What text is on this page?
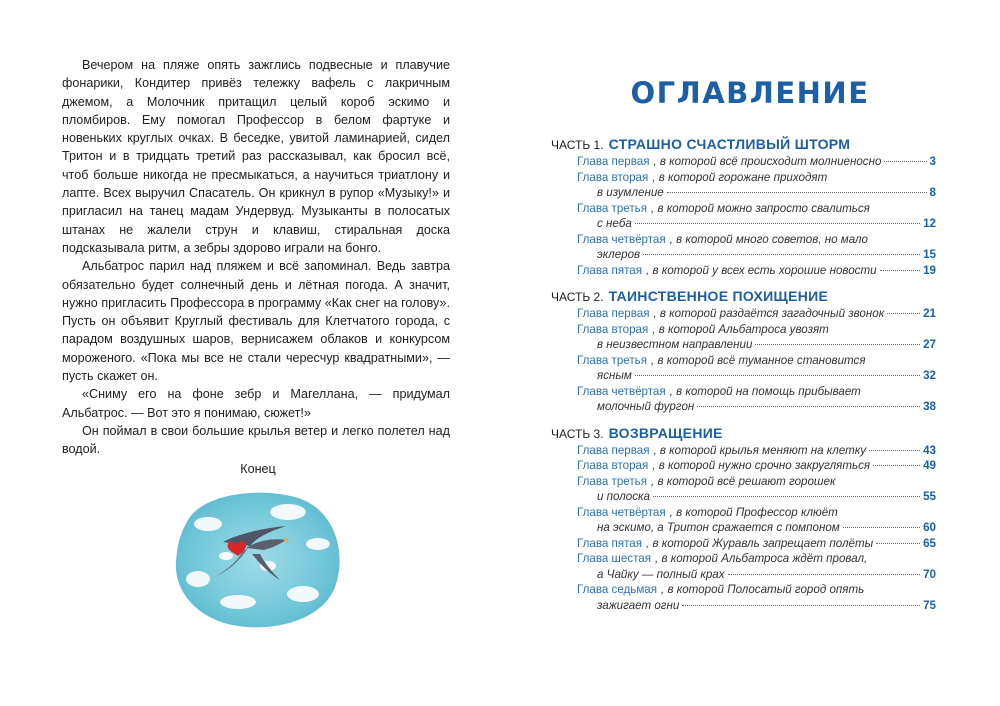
Вечером на пляже опять зажглись подвесные и плавучие фонарики, Кондитер привёз тележку вафель с лакричным джемом, а Молочник притащил целый короб эскимо и пломбиров. Ему помогал Профессор в белом фартуке и новеньких круглых очках. В беседке, увитой ламинарией, сидел Тритон и в тридцать третий раз рассказывал, как бросил всё, чтоб больше никогда не пресмыкаться, а научиться триатлону и лапте. Всех выручил Спасатель. Он крикнул в рупор «Музыку!» и пригласил на танец мадам Ундервуд. Музыканты в полосатых штанах не жалели струн и клавиш, стиральная доска подсказывала ритм, а зебры здорово играли на бонго.

Альбатрос парил над пляжем и всё запоминал. Ведь завтра обязательно будет солнечный день и лётная погода. А значит, нужно пригласить Профессора в программу «Как снег на голову». Пусть он объявит Круглый фестиваль для Клетчатого города, с парадом воздушных шаров, вернисажем облаков и конкурсом мороженого. «Пока мы все не стали чересчур квадратными», — пусть скажет он.

«Сниму его на фоне зебр и Магеллана, — придумал Альбатрос. — Вот это я понимаю, сюжет!»

Он поймал в свои большие крылья ветер и легко полетел над водой.

Конец
ОГЛАВЛЕНИЕ
ЧАСТЬ 1. СТРАШНО СЧАСТЛИВЫЙ ШТОРМ
Глава первая , в которой всё происходит молниеносно	3
Глава вторая , в которой горожане приходят
в изумление	8
Глава третья , в которой можно запросто свалиться
с неба	12
Глава четвёртая , в которой много советов, но мало
эклеров	15
Глава пятая , в которой у всех есть хорошие новости	19
ЧАСТЬ 2. ТАИНСТВЕННОЕ ПОХИЩЕНИЕ
Глава первая , в которой раздаётся загадочный звонок	21
Глава вторая , в которой Альбатроса увозят
в неизвестном направлении	27
Глава третья , в которой всё туманное становится
ясным	32
Глава четвёртая , в которой на помощь прибывает
молочный фургон	38
ЧАСТЬ 3. ВОЗВРАЩЕНИЕ
Глава первая , в которой крылья меняют на клетку	43
Глава вторая , в которой нужно срочно закругляться	49
Глава третья , в которой всё решают горошек
и полоска	55
Глава четвёртая , в которой Профессор клюёт
на эскимо, а Тритон сражается с помпоном	60
Глава пятая , в которой Журавль запрещает полёты	65
Глава шестая , в которой Альбатроса ждёт провал,
а Чайку — полный крах	70
Глава седьмая , в которой Полосатый город опять
зажигает огни	75
